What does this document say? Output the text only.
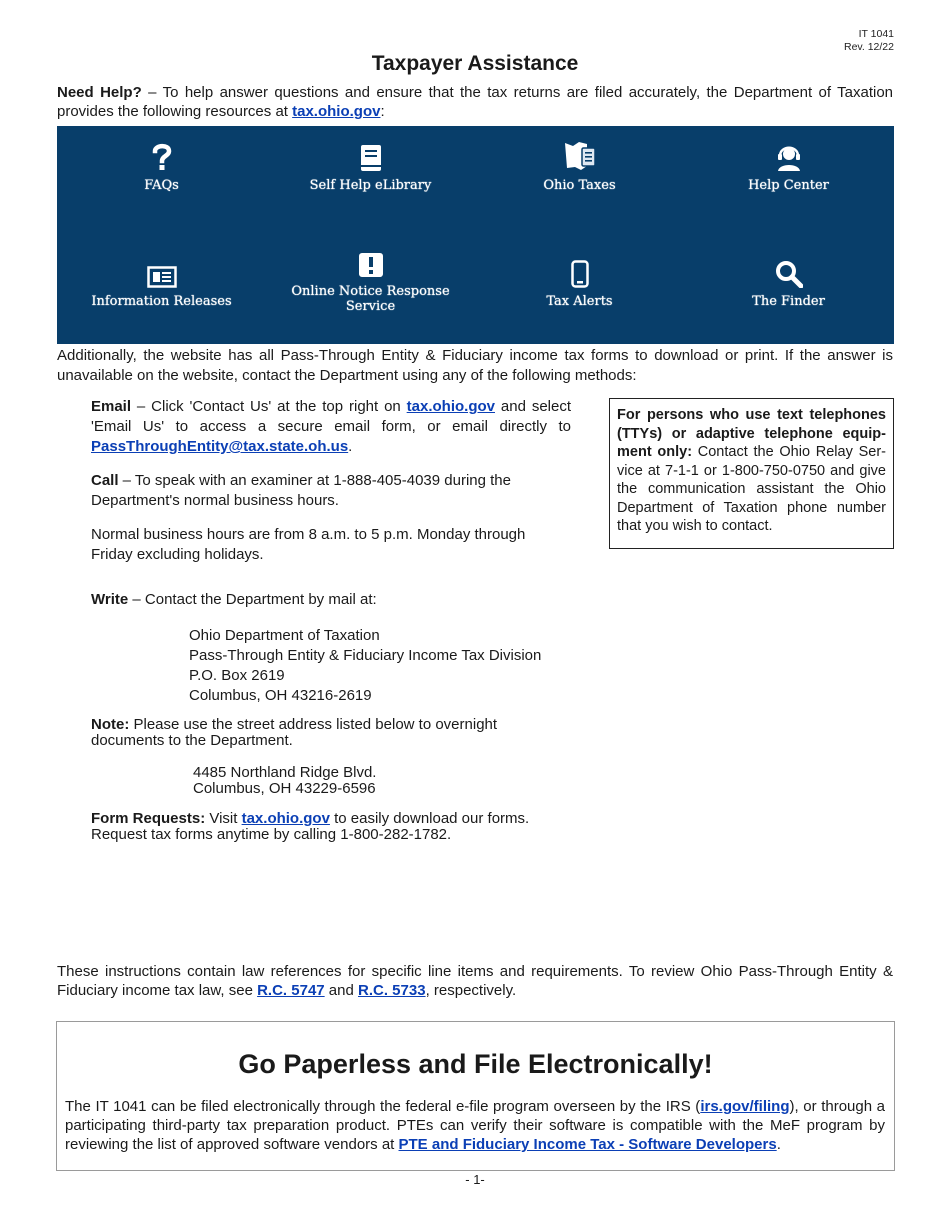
IT 1041
Rev. 12/22
Taxpayer Assistance

Need Help? – To help answer questions and ensure that the tax returns are filed accurately, the Department of Taxation provides the following resources at tax.ohio.gov:

FAQs	Self Help eLibrary	Ohio Taxes	Help Center
Information Releases
Online Notice Response Service	Tax Alerts	The Finder

Additionally, the website has all Pass-Through Entity & Fiduciary income tax forms to download or print. If the answer is unavailable on the website, contact the Department using any of the following methods:

Email – Click 'Contact Us' at the top right on tax.ohio.gov and select 'Email Us' to access a secure email form, or email directly to PassThroughEntity@tax.state.oh.us.

Call – To speak with an examiner at 1-888-405-4039 during the Department's normal business hours.

Normal business hours are from 8 a.m. to 5 p.m. Monday through Friday excluding holidays.

Write – Contact the Department by mail at:

Ohio Department of Taxation
Pass-Through Entity & Fiduciary Income Tax Division
P.O. Box 2619
Columbus, OH 43216-2619

Note: Please use the street address listed below to overnight documents to the Department.

4485 Northland Ridge Blvd.
Columbus, OH 43229-6596

Form Requests: Visit tax.ohio.gov to easily download our forms. Request tax forms anytime by calling 1-800-282-1782.

For persons who use text telephones (TTYs) or adaptive telephone equipment only: Contact the Ohio Relay Service at 7-1-1 or 1-800-750-0750 and give the communication assistant the Ohio Department of Taxation phone number that you wish to contact.

These instructions contain law references for specific line items and requirements. To review Ohio Pass-Through Entity & Fiduciary income tax law, see R.C. 5747 and R.C. 5733, respectively.

Go Paperless and File Electronically!

The IT 1041 can be filed electronically through the federal e-file program overseen by the IRS (irs.gov/filing), or through a participating third-party tax preparation product. PTEs can verify their software is compatible with the MeF program by reviewing the list of approved software vendors at PTE and Fiduciary Income Tax - Software Developers.

- 1-
